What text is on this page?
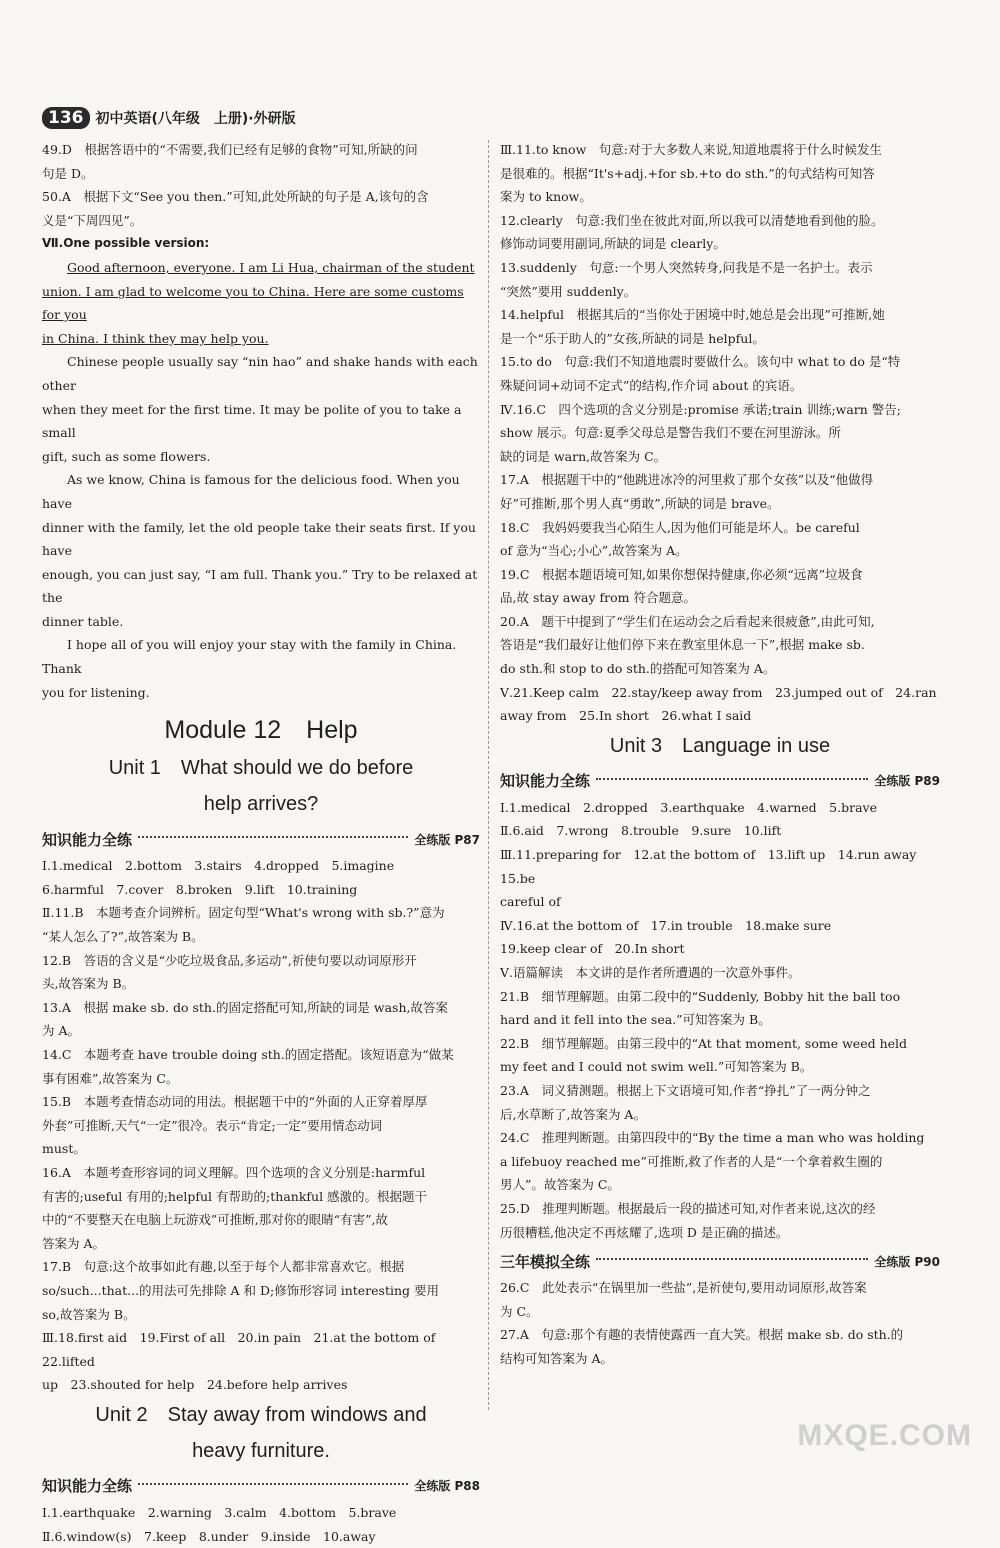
136 初中英语(八年级　上册)·外研版

49.D　根据答语中的“不需要,我们已经有足够的食物”可知,所缺的问

句是 D。

50.A　根据下文“See you then.”可知,此处所缺的句子是 A,该句的含

义是“下周四见”。

Ⅶ.One possible version:

Good afternoon, everyone. I am Li Hua, chairman of the student

union. I am glad to welcome you to China. Here are some customs for you

in China. I think they may help you.

Chinese people usually say “nin hao” and shake hands with each other

when they meet for the first time. It may be polite of you to take a small

gift, such as some flowers.

As we know, China is famous for the delicious food. When you have

dinner with the family, let the old people take their seats first. If you have

enough, you can just say, “I am full. Thank you.” Try to be relaxed at the

dinner table.

I hope all of you will enjoy your stay with the family in China. Thank

you for listening.

Module 12　Help

Unit 1　What should we do before

help arrives?

知识能力全练	全练版 P87

Ⅰ.1.medical　2.bottom　3.stairs　4.dropped　5.imagine

6.harmful　7.cover　8.broken　9.lift　10.training

Ⅱ.11.B　本题考查介词辨析。固定句型“What's wrong with sb.?”意为

“某人怎么了?”,故答案为 B。

12.B　答语的含义是“少吃垃圾食品,多运动”,祈使句要以动词原形开

头,故答案为 B。

13.A　根据 make sb. do sth.的固定搭配可知,所缺的词是 wash,故答案

为 A。

14.C　本题考查 have trouble doing sth.的固定搭配。该短语意为“做某

事有困难”,故答案为 C。

15.B　本题考查情态动词的用法。根据题干中的“外面的人正穿着厚厚

外套”可推断,天气“一定”很冷。表示“肯定;一定”要用情态动词

must。

16.A　本题考查形容词的词义理解。四个选项的含义分别是:harmful

有害的;useful 有用的;helpful 有帮助的;thankful 感激的。根据题干

中的“不要整天在电脑上玩游戏”可推断,那对你的眼睛“有害”,故

答案为 A。

17.B　句意:这个故事如此有趣,以至于每个人都非常喜欢它。根据

so/such...that...的用法可先排除 A 和 D;修饰形容词 interesting 要用

so,故答案为 B。

Ⅲ.18.first aid　19.First of all　20.in pain　21.at the bottom of　22.lifted

up　23.shouted for help　24.before help arrives

Unit 2　Stay away from windows and

heavy furniture.

知识能力全练	全练版 P88

Ⅰ.1.earthquake　2.warning　3.calm　4.bottom　5.brave

Ⅱ.6.window(s)　7.keep　8.under　9.inside　10.away

Ⅲ.11.to know　句意:对于大多数人来说,知道地震将于什么时候发生

是很难的。根据“It's+adj.+for sb.+to do sth.”的句式结构可知答

案为 to know。

12.clearly　句意:我们坐在彼此对面,所以我可以清楚地看到他的脸。

修饰动词要用副词,所缺的词是 clearly。

13.suddenly　句意:一个男人突然转身,问我是不是一名护士。表示

“突然”要用 suddenly。

14.helpful　根据其后的“当你处于困境中时,她总是会出现”可推断,她

是一个“乐于助人的”女孩,所缺的词是 helpful。

15.to do　句意:我们不知道地震时要做什么。该句中 what to do 是“特

殊疑问词+动词不定式”的结构,作介词 about 的宾语。

Ⅳ.16.C　四个选项的含义分别是:promise 承诺;train 训练;warn 警告;

show 展示。句意:夏季父母总是警告我们不要在河里游泳。所

缺的词是 warn,故答案为 C。

17.A　根据题干中的“他跳进冰冷的河里救了那个女孩”以及“他做得

好”可推断,那个男人真“勇敢”,所缺的词是 brave。

18.C　我妈妈要我当心陌生人,因为他们可能是坏人。be careful

of 意为“当心;小心”,故答案为 A。

19.C　根据本题语境可知,如果你想保持健康,你必须“远离”垃圾食

品,故 stay away from 符合题意。

20.A　题干中提到了“学生们在运动会之后看起来很疲惫”,由此可知,

答语是“我们最好让他们停下来在教室里休息一下”,根据 make sb.

do sth.和 stop to do sth.的搭配可知答案为 A。

Ⅴ.21.Keep calm　22.stay/keep away from　23.jumped out of　24.ran

away from　25.In short　26.what I said

Unit 3　Language in use

知识能力全练	全练版 P89

Ⅰ.1.medical　2.dropped　3.earthquake　4.warned　5.brave

Ⅱ.6.aid　7.wrong　8.trouble　9.sure　10.lift

Ⅲ.11.preparing for　12.at the bottom of　13.lift up　14.run away　15.be

careful of

Ⅳ.16.at the bottom of　17.in trouble　18.make sure

19.keep clear of　20.In short

Ⅴ.语篇解读　本文讲的是作者所遭遇的一次意外事件。

21.B　细节理解题。由第二段中的“Suddenly, Bobby hit the ball too

hard and it fell into the sea.”可知答案为 B。

22.B　细节理解题。由第三段中的“At that moment, some weed held

my feet and I could not swim well.”可知答案为 B。

23.A　词义猜测题。根据上下文语境可知,作者“挣扎”了一两分钟之

后,水草断了,故答案为 A。

24.C　推理判断题。由第四段中的“By the time a man who was holding

a lifebuoy reached me”可推断,救了作者的人是“一个拿着救生圈的

男人”。故答案为 C。

25.D　推理判断题。根据最后一段的描述可知,对作者来说,这次的经

历很糟糕,他决定不再炫耀了,选项 D 是正确的描述。

三年模拟全练	全练版 P90

26.C　此处表示“在锅里加一些盐”,是祈使句,要用动词原形,故答案

为 C。

27.A　句意:那个有趣的表情使露西一直大笑。根据 make sb. do sth.的

结构可知答案为 A。

MXQE.COM
